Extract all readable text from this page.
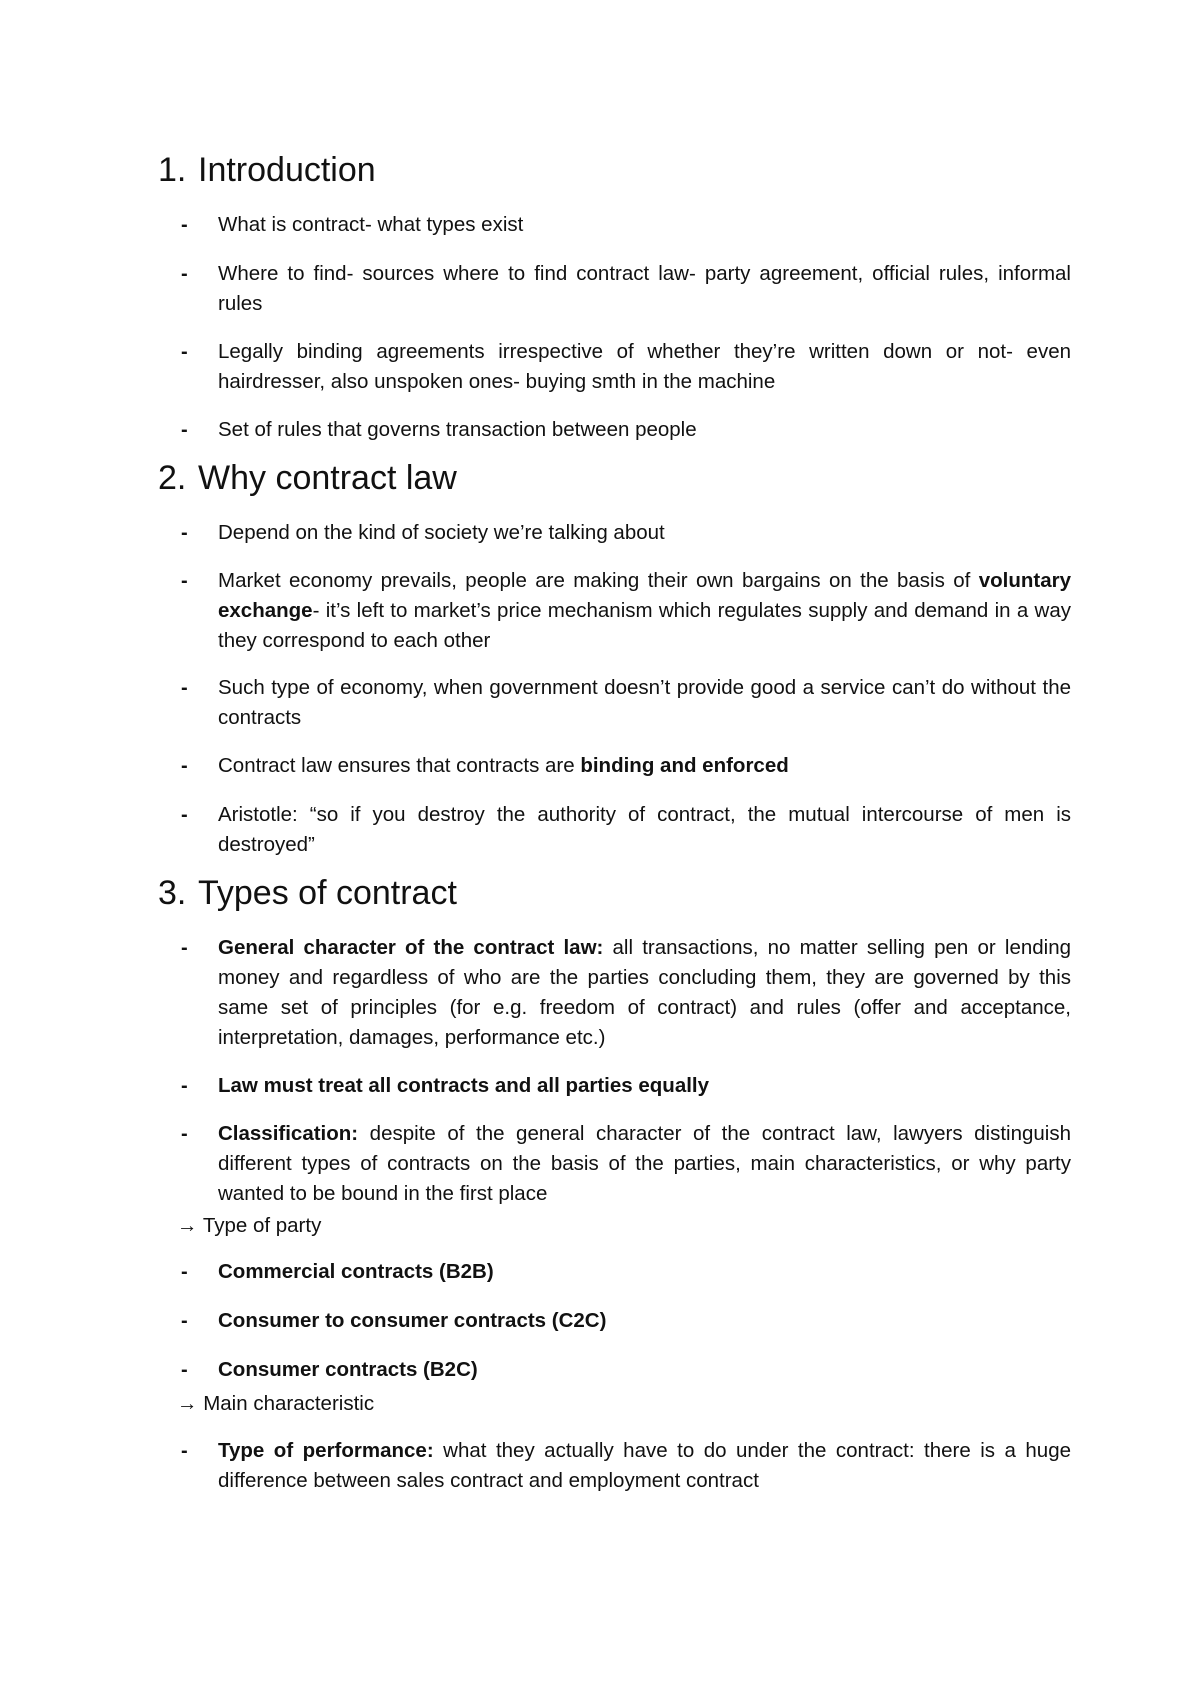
1. Introduction
- What is contract- what types exist
- Where to find- sources where to find contract law- party agreement, official rules, informal rules
- Legally binding agreements irrespective of whether they’re written down or not- even hairdresser, also unspoken ones- buying smth in the machine
- Set of rules that governs transaction between people
2. Why contract law
- Depend on the kind of society we’re talking about
- Market economy prevails, people are making their own bargains on the basis of voluntary exchange- it’s left to market’s price mechanism which regulates supply and demand in a way they correspond to each other
- Such type of economy, when government doesn’t provide good a service can’t do without the contracts
- Contract law ensures that contracts are binding and enforced
- Aristotle: “so if you destroy the authority of contract, the mutual intercourse of men is destroyed”
3. Types of contract
- General character of the contract law: all transactions, no matter selling pen or lending money and regardless of who are the parties concluding them, they are governed by this same set of principles (for e.g. freedom of contract) and rules (offer and acceptance, interpretation, damages, performance etc.)
- Law must treat all contracts and all parties equally
- Classification: despite of the general character of the contract law, lawyers distinguish different types of contracts on the basis of the parties, main characteristics, or why party wanted to be bound in the first place
→ Type of party
- Commercial contracts (B2B)
- Consumer to consumer contracts (C2C)
- Consumer contracts (B2C)
→ Main characteristic
- Type of performance: what they actually have to do under the contract: there is a huge difference between sales contract and employment contract
